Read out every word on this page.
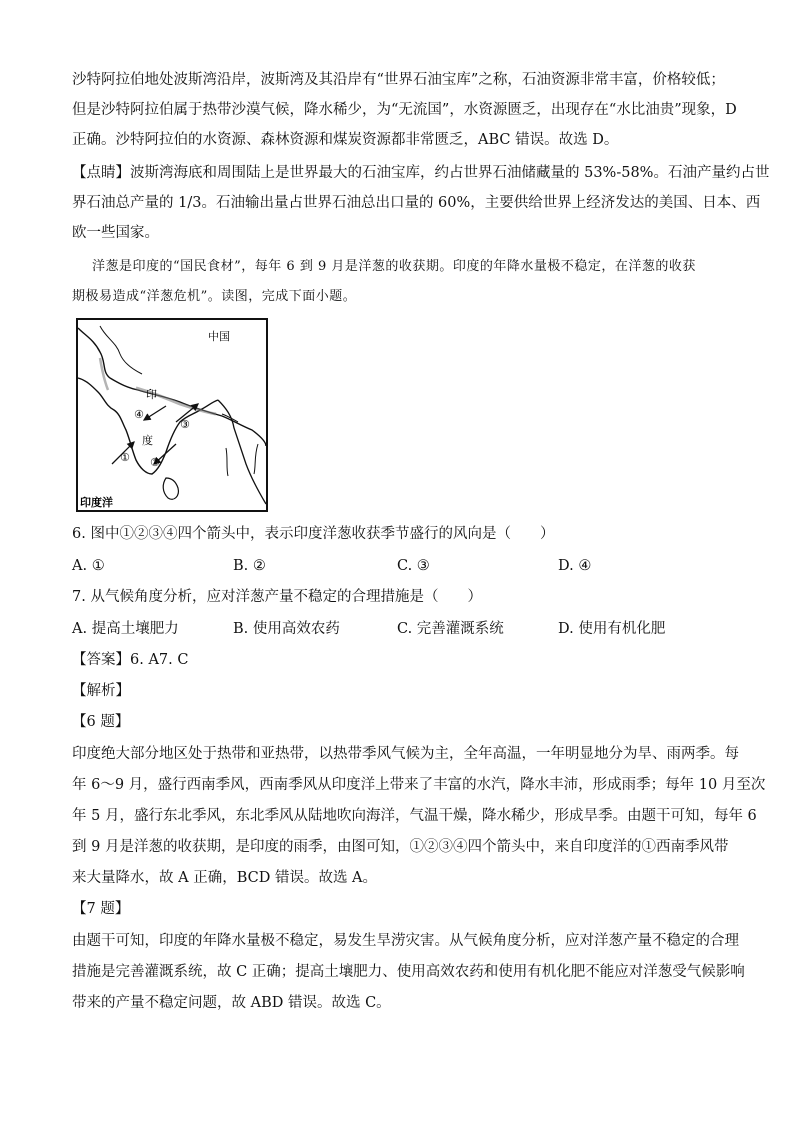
沙特阿拉伯地处波斯湾沿岸，波斯湾及其沿岸有“世界石油宝库”之称，石油资源非常丰富，价格较低；
但是沙特阿拉伯属于热带沙漠气候，降水稀少，为“无流国”，水资源匮乏，出现存在“水比油贵”现象，D
正确。沙特阿拉伯的水资源、森林资源和煤炭资源都非常匮乏，ABC 错误。故选 D。
【点睛】波斯湾海底和周围陆上是世界最大的石油宝库，约占世界石油储藏量的 53%-58%。石油产量约占世
界石油总产量的 1/3。石油输出量占世界石油总出口量的 60%，主要供给世界上经济发达的美国、日本、西
欧一些国家。
洋葱是印度的“国民食材”，每年 6 到 9 月是洋葱的收获期。印度的年降水量极不稳定，在洋葱的收获
期极易造成“洋葱危机”。读图，完成下面小题。
中国
印
度
印度洋
① ②
③
④
6. 图中①②③④四个箭头中，表示印度洋葱收获季节盛行的风向是（　　）
A. ①	B. ②	C. ③	D. ④
7. 从气候角度分析，应对洋葱产量不稳定的合理措施是（　　）
A. 提高土壤肥力	B. 使用高效农药	C. 完善灌溉系统	D. 使用有机化肥
【答案】6. A7. C
【解析】
【6 题】
印度绝大部分地区处于热带和亚热带，以热带季风气候为主，全年高温，一年明显地分为旱、雨两季。每
年 6～9 月，盛行西南季风，西南季风从印度洋上带来了丰富的水汽，降水丰沛，形成雨季；每年 10 月至次
年 5 月，盛行东北季风，东北季风从陆地吹向海洋，气温干燥，降水稀少，形成旱季。由题干可知，每年 6
到 9 月是洋葱的收获期，是印度的雨季，由图可知，①②③④四个箭头中，来自印度洋的①西南季风带
来大量降水，故 A 正确，BCD 错误。故选 A。
【7 题】
由题干可知，印度的年降水量极不稳定，易发生旱涝灾害。从气候角度分析，应对洋葱产量不稳定的合理
措施是完善灌溉系统，故 C 正确；提高土壤肥力、使用高效农药和使用有机化肥不能应对洋葱受气候影响
带来的产量不稳定问题，故 ABD 错误。故选 C。
